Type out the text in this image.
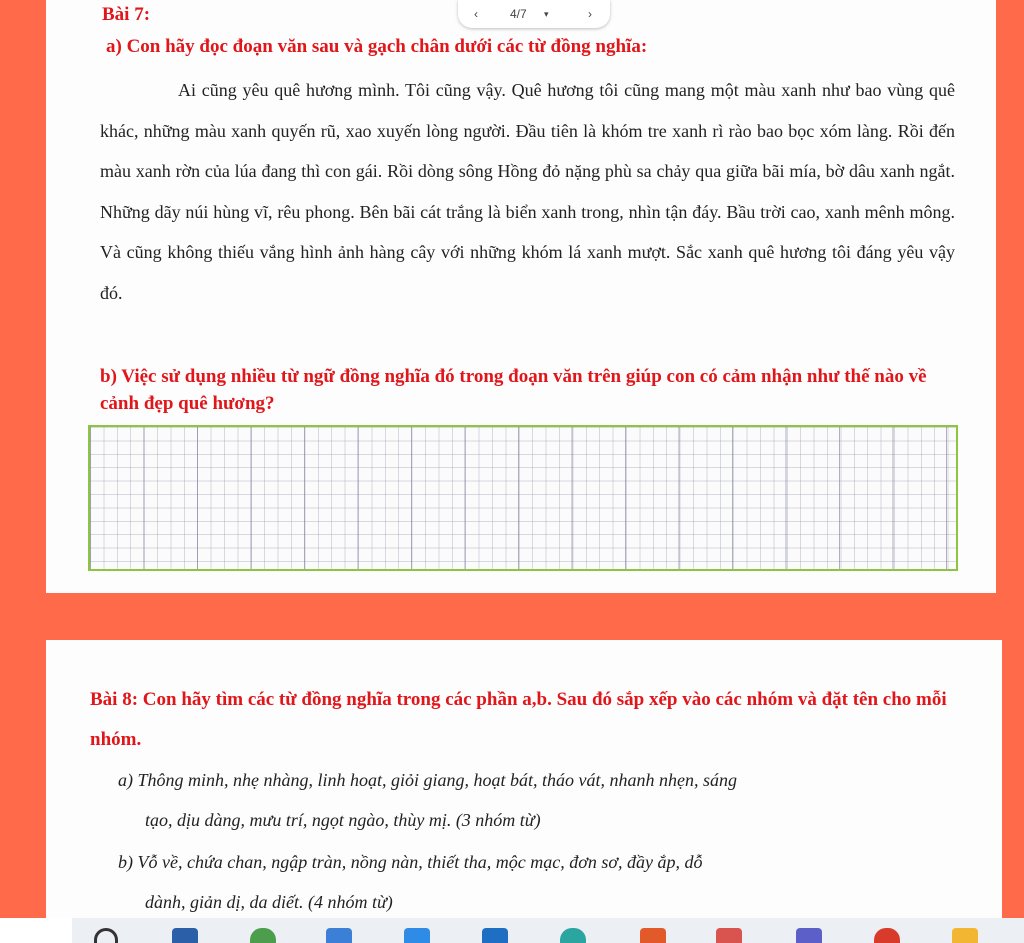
Bài 7:
a) Con hãy đọc đoạn văn sau và gạch chân dưới các từ đồng nghĩa:
Ai cũng yêu quê hương mình. Tôi cũng vậy. Quê hương tôi cũng mang một màu xanh như bao vùng quê khác, những màu xanh quyến rũ, xao xuyến lòng người. Đầu tiên là khóm tre xanh rì rào bao bọc xóm làng. Rồi đến màu xanh rờn của lúa đang thì con gái. Rồi dòng sông Hồng đỏ nặng phù sa chảy qua giữa bãi mía, bờ dâu xanh ngắt. Những dãy núi hùng vĩ, rêu phong. Bên bãi cát trắng là biển xanh trong, nhìn tận đáy. Bầu trời cao, xanh mênh mông. Và cũng không thiếu vắng hình ảnh hàng cây với những khóm lá xanh mượt. Sắc xanh quê hương tôi đáng yêu vậy đó.
b) Việc sử dụng nhiều từ ngữ đồng nghĩa đó trong đoạn văn trên giúp con có cảm nhận như thế nào về cảnh đẹp quê hương?
‹	4/7 ▾	›
Bài 8: Con hãy tìm các từ đồng nghĩa trong các phần a,b. Sau đó sắp xếp vào các nhóm và đặt tên cho mỗi nhóm.
a) Thông minh, nhẹ nhàng, linh hoạt, giỏi giang, hoạt bát, tháo vát, nhanh nhẹn, sáng
tạo, dịu dàng, mưu trí, ngọt ngào, thùy mị. (3 nhóm từ)
b) Vỗ về, chứa chan, ngập tràn, nồng nàn, thiết tha, mộc mạc, đơn sơ, đầy ắp, dỗ
dành, giản dị, da diết. (4 nhóm từ)
